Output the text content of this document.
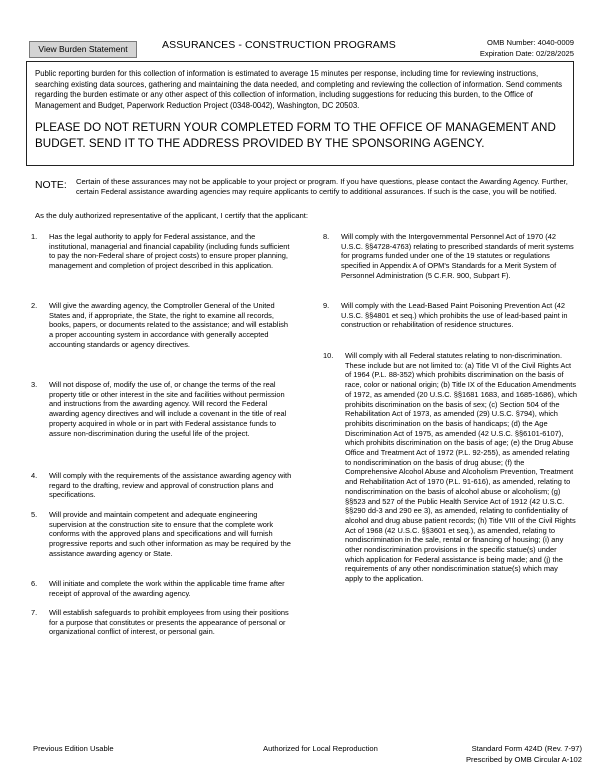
View Burden Statement	ASSURANCES - CONSTRUCTION PROGRAMS	OMB Number: 4040-0009
Expiration Date: 02/28/2025
Public reporting burden for this collection of information is estimated to average 15 minutes per response, including time for reviewing instructions, searching existing data sources, gathering and maintaining the data needed, and completing and reviewing the collection of information. Send comments regarding the burden estimate or any other aspect of this collection of information, including suggestions for reducing this burden, to the Office of Management and Budget, Paperwork Reduction Project (0348-0042), Washington, DC 20503.
PLEASE DO NOT RETURN YOUR COMPLETED FORM TO THE OFFICE OF MANAGEMENT AND BUDGET. SEND IT TO THE ADDRESS PROVIDED BY THE SPONSORING AGENCY.
NOTE: Certain of these assurances may not be applicable to your project or program. If you have questions, please contact the Awarding Agency. Further, certain Federal assistance awarding agencies may require applicants to certify to additional assurances. If such is the case, you will be notified.
As the duly authorized representative of the applicant, I certify that the applicant:
1. Has the legal authority to apply for Federal assistance, and the institutional, managerial and financial capability (including funds sufficient to pay the non-Federal share of project costs) to ensure proper planning, management and completion of project described in this application.
2. Will give the awarding agency, the Comptroller General of the United States and, if appropriate, the State, the right to examine all records, books, papers, or documents related to the assistance; and will establish a proper accounting system in accordance with generally accepted accounting standards or agency directives.
3. Will not dispose of, modify the use of, or change the terms of the real property title or other interest in the site and facilities without permission and instructions from the awarding agency. Will record the Federal awarding agency directives and will include a covenant in the title of real property acquired in whole or in part with Federal assistance funds to assure non-discrimination during the useful life of the project.
4. Will comply with the requirements of the assistance awarding agency with regard to the drafting, review and approval of construction plans and specifications.
5. Will provide and maintain competent and adequate engineering supervision at the construction site to ensure that the complete work conforms with the approved plans and specifications and will furnish progressive reports and such other information as may be required by the assistance awarding agency or State.
6. Will initiate and complete the work within the applicable time frame after receipt of approval of the awarding agency.
7. Will establish safeguards to prohibit employees from using their positions for a purpose that constitutes or presents the appearance of personal or organizational conflict of interest, or personal gain.
8. Will comply with the Intergovernmental Personnel Act of 1970 (42 U.S.C. §§4728-4763) relating to prescribed standards of merit systems for programs funded under one of the 19 statutes or regulations specified in Appendix A of OPM's Standards for a Merit System of Personnel Administration (5 C.F.R. 900, Subpart F).
9. Will comply with the Lead-Based Paint Poisoning Prevention Act (42 U.S.C. §§4801 et seq.) which prohibits the use of lead-based paint in construction or rehabilitation of residence structures.
10. Will comply with all Federal statutes relating to non-discrimination. These include but are not limited to: (a) Title VI of the Civil Rights Act of 1964 (P.L. 88-352) which prohibits discrimination on the basis of race, color or national origin; (b) Title IX of the Education Amendments of 1972, as amended (20 U.S.C. §§1681 1683, and 1685-1686), which prohibits discrimination on the basis of sex; (c) Section 504 of the Rehabilitation Act of 1973, as amended (29) U.S.C. §794), which prohibits discrimination on the basis of handicaps; (d) the Age Discrimination Act of 1975, as amended (42 U.S.C. §§6101-6107), which prohibits discrimination on the basis of age; (e) the Drug Abuse Office and Treatment Act of 1972 (P.L. 92-255), as amended relating to nondiscrimination on the basis of drug abuse; (f) the Comprehensive Alcohol Abuse and Alcoholism Prevention, Treatment and Rehabilitation Act of 1970 (P.L. 91-616), as amended, relating to nondiscrimination on the basis of alcohol abuse or alcoholism; (g) §§523 and 527 of the Public Health Service Act of 1912 (42 U.S.C. §§290 dd-3 and 290 ee 3), as amended, relating to confidentiality of alcohol and drug abuse patient records; (h) Title VIII of the Civil Rights Act of 1968 (42 U.S.C. §§3601 et seq.), as amended, relating to nondiscrimination in the sale, rental or financing of housing; (i) any other nondiscrimination provisions in the specific statue(s) under which application for Federal assistance is being made; and (j) the requirements of any other nondiscrimination statue(s) which may apply to the application.
Previous Edition Usable	Authorized for Local Reproduction	Standard Form 424D (Rev. 7-97)
Prescribed by OMB Circular A-102
